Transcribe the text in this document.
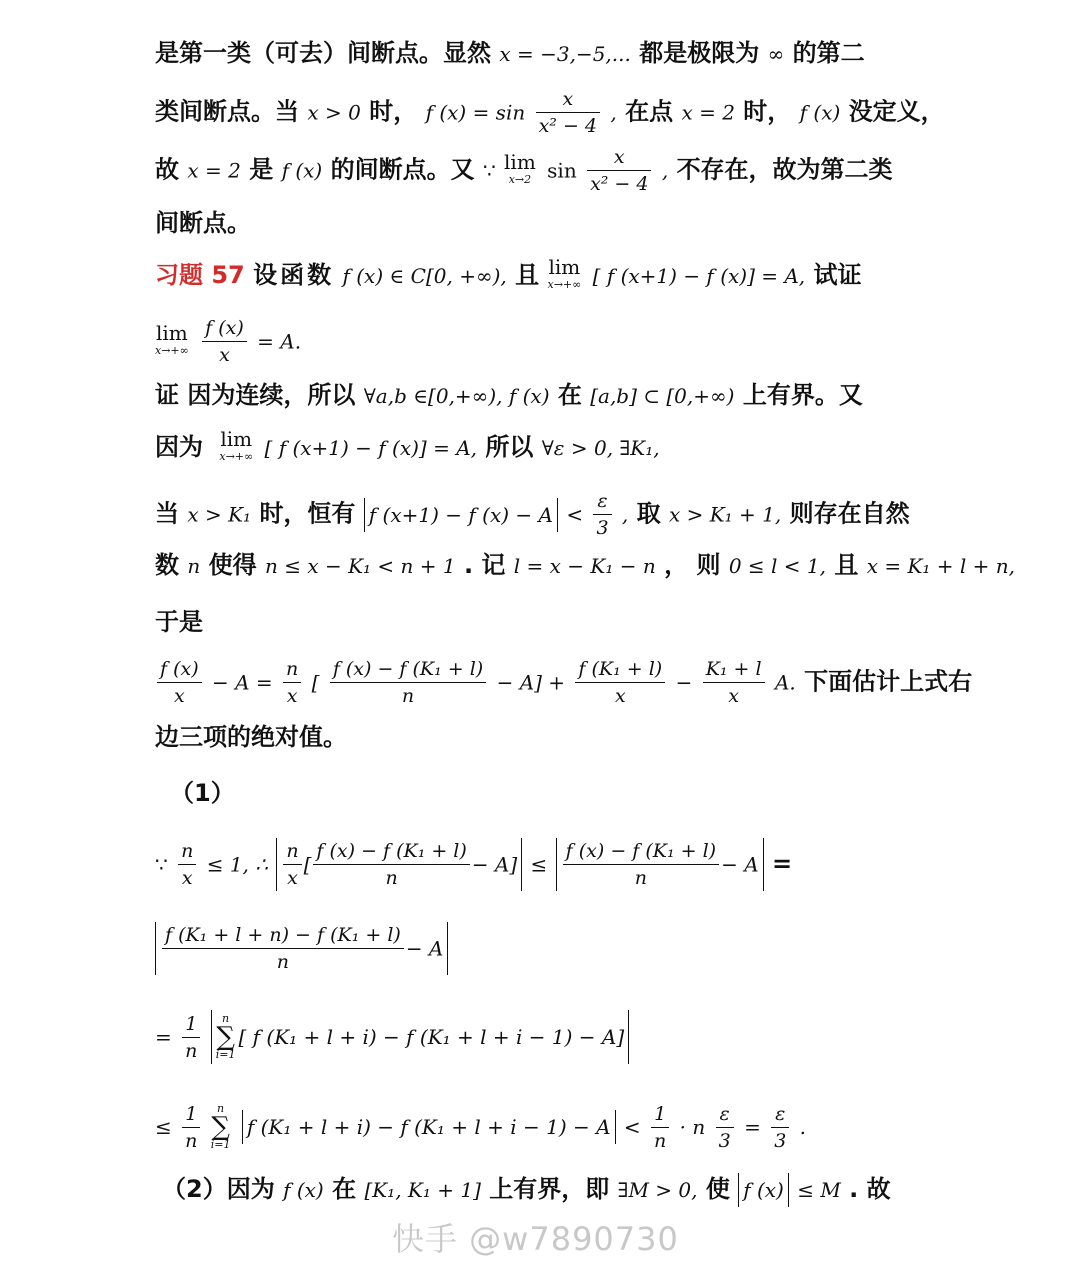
是第一类（可去）间断点。显然 x = −3,−5,... 都是极限为 ∞ 的第二
类间断点。当 x > 0 时， f $(x) = \sin \frac{x}{\text{x² − 4}}$ , 在点 x = 2 时， f (x) 没定义，
故 x = 2 是 f (x) 的间断点。又 ∵ lim
x→2 $\sin \frac{x}{\text{x² − 4}}$ , 不存在，故为第二类
间断点。
习题 57 设函数 f (x) ∈ C[0, +∞), 且 lim
x→+∞ [ f (x+1) − f (x)] = A, 试证
lim
x→+∞
$\frac{f (x)}{x} = A$.
证 因为连续，所以 ∀a,b ∈[0,+∞), f (x) 在 [a,b] ⊂ [0,+∞) 上有界。又
因为 lim
x→+∞ [ f (x+1) − f (x)] = A, 所以 ∀ε > 0, ∃K₁,
当 x > K₁ 时，恒有 f (x+1) − f $(x) - A < \frac{\varepsilon}{3}$ , 取 x > K₁ + 1, 则存在自然
数 n 使得 n ≤ x − K₁ < n + 1 . 记 l = x − K₁ − n ， 则 0 ≤ l < 1, 且 x = K₁ + l + n,
于是
$\frac{f (x)}{x} - A = \frac{n}{x}$ [ $\frac{\text{f (x) − f (K₁ + l)}}{n} - A] + \frac{\text{f (K₁ + l)}}{x} - \frac{\text{K₁ + l}}{x} A$. 下面估计上式右
边三项的绝对值。
（1）
∵ $\frac{n}{x} \le 1$, ∴ $\frac{n}{x}$ [ $\frac{\text{f (x) − f (K₁ + l)}}{n} - A] \le \frac{\text{f (x) − f (K₁ + l)}}{n} - A$ =
$\frac{\text{f (K₁ + l + n) − f (K₁ + l)}}{n} - A$
= $\frac{1}{n}$
	n
∑
i=1
[ f (K₁ + l + i) − f (K₁ + l + i − 1) − A]
≤ $\frac{1}{n}$
	n
∑
i=1
f (K₁ + l + i) − f $(K_1 + l + i - 1) - A < \frac{1}{n} \cdot n \frac{\varepsilon}{3} = \frac{\varepsilon}{3}$ .
（2）因为 f (x) 在 [K₁, K₁ + 1] 上有界，即 ∃M > 0, 使 f (x) ≤ M . 故
快手 @w7890730
